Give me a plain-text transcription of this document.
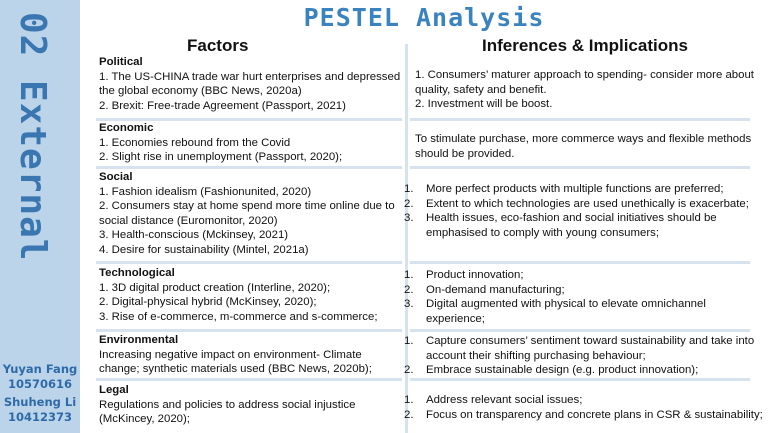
02 External
Yuyan Fang
10570616
Shuheng Li
10412373
PESTEL Analysis
Factors	Inferences & Implications
Political
1. The US-CHINA trade war hurt enterprises and depressed the global economy (BBC News, 2020a)
2. Brexit: Free-trade Agreement (Passport, 2021)
1. Consumers’ maturer approach to spending- consider more about quality, safety and benefit.
2. Investment will be boost.
Economic
1. Economies rebound from the Covid
2. Slight rise in unemployment (Passport, 2020);
To stimulate purchase, more commerce ways and flexible methods should be provided.
Social
1. Fashion idealism (Fashionunited, 2020)
2. Consumers stay at home spend more time online due to social distance (Euromonitor, 2020)
3. Health-conscious (Mckinsey, 2021)
4. Desire for sustainability (Mintel, 2021a)
1. More perfect products with multiple functions are preferred;
2. Extent to which technologies are used unethically is exacerbate;
3. Health issues, eco-fashion and social initiatives should be emphasised to comply with young consumers;
Technological
1. 3D digital product creation (Interline, 2020);
2. Digital-physical hybrid (McKinsey, 2020);
3. Rise of e-commerce, m-commerce and s-commerce;
1. Product innovation;
2. On-demand manufacturing;
3. Digital augmented with physical to elevate omnichannel experience;
Environmental
Increasing negative impact on environment- Climate change; synthetic materials used (BBC News, 2020b);
1. Capture consumers’ sentiment toward sustainability and take into account their shifting purchasing behaviour;
2. Embrace sustainable design (e.g. product innovation);
Legal
Regulations and policies to address social injustice (McKincey, 2020);
1. Address relevant social issues;
2. Focus on transparency and concrete plans in CSR & sustainability;
